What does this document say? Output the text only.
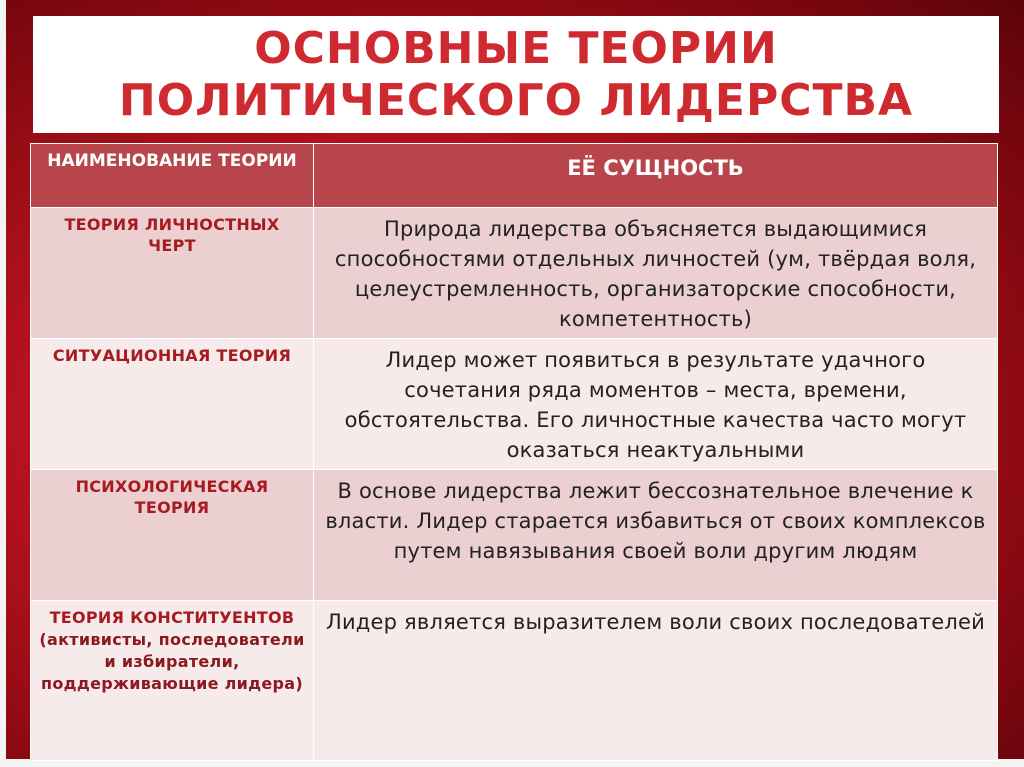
ОСНОВНЫЕ ТЕОРИИ
ПОЛИТИЧЕСКОГО ЛИДЕРСТВА
НАИМЕНОВАНИЕ ТЕОРИИ	ЕЁ СУЩНОСТЬ
ТЕОРИЯ ЛИЧНОСТНЫХ ЧЕРТ	Природа лидерства объясняется выдающимися способностями отдельных личностей (ум, твёрдая воля, целеустремленность, организаторские способности, компетентность)
СИТУАЦИОННАЯ ТЕОРИЯ	Лидер может появиться в результате удачного сочетания ряда моментов – места, времени, обстоятельства. Его личностные качества часто могут оказаться неактуальными
ПСИХОЛОГИЧЕСКАЯ ТЕОРИЯ	В основе лидерства лежит бессознательное влечение к власти. Лидер старается избавиться от своих комплексов путем навязывания своей воли другим людям
ТЕОРИЯ КОНСТИТУЕНТОВ
(активисты, последователи и избиратели, поддерживающие лидера)	Лидер является выразителем воли своих последователей
